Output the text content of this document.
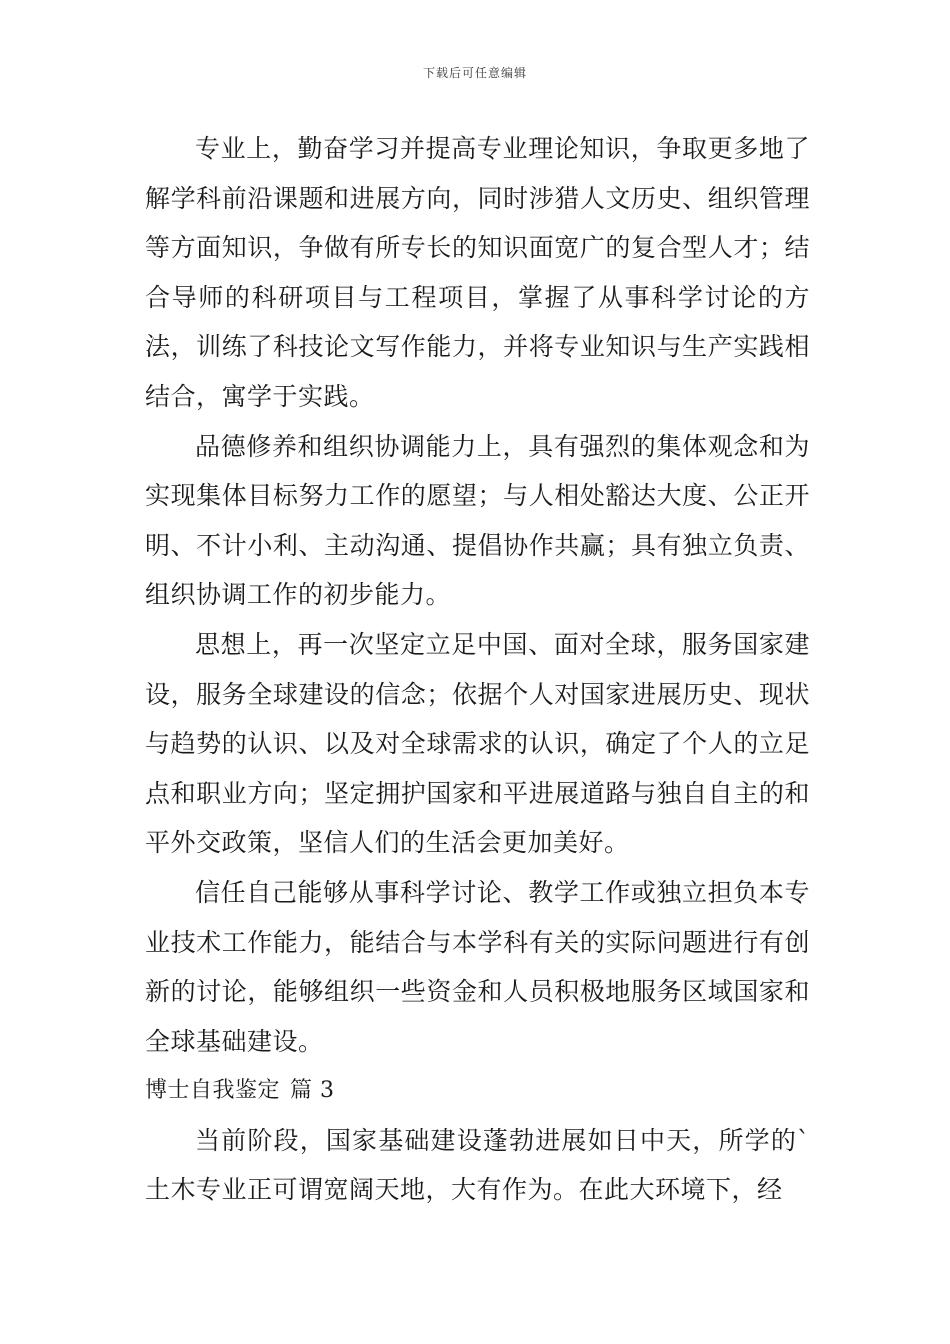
下载后可任意编辑

专业上，勤奋学习并提高专业理论知识，争取更多地了解学科前沿课题和进展方向，同时涉猎人文历史、组织管理等方面知识，争做有所专长的知识面宽广的复合型人才；结合导师的科研项目与工程项目，掌握了从事科学讨论的方法，训练了科技论文写作能力，并将专业知识与生产实践相结合，寓学于实践。

品德修养和组织协调能力上，具有强烈的集体观念和为实现集体目标努力工作的愿望；与人相处豁达大度、公正开明、不计小利、主动沟通、提倡协作共赢；具有独立负责、组织协调工作的初步能力。

思想上，再一次坚定立足中国、面对全球，服务国家建设，服务全球建设的信念；依据个人对国家进展历史、现状与趋势的认识、以及对全球需求的认识，确定了个人的立足点和职业方向；坚定拥护国家和平进展道路与独自自主的和平外交政策，坚信人们的生活会更加美好。

信任自己能够从事科学讨论、教学工作或独立担负本专业技术工作能力，能结合与本学科有关的实际问题进行有创新的讨论，能够组织一些资金和人员积极地服务区域国家和全球基础建设。

博士自我鉴定 篇 3

当前阶段，国家基础建设蓬勃进展如日中天，所学的`土木专业正可谓宽阔天地，大有作为。在此大环境下，经
